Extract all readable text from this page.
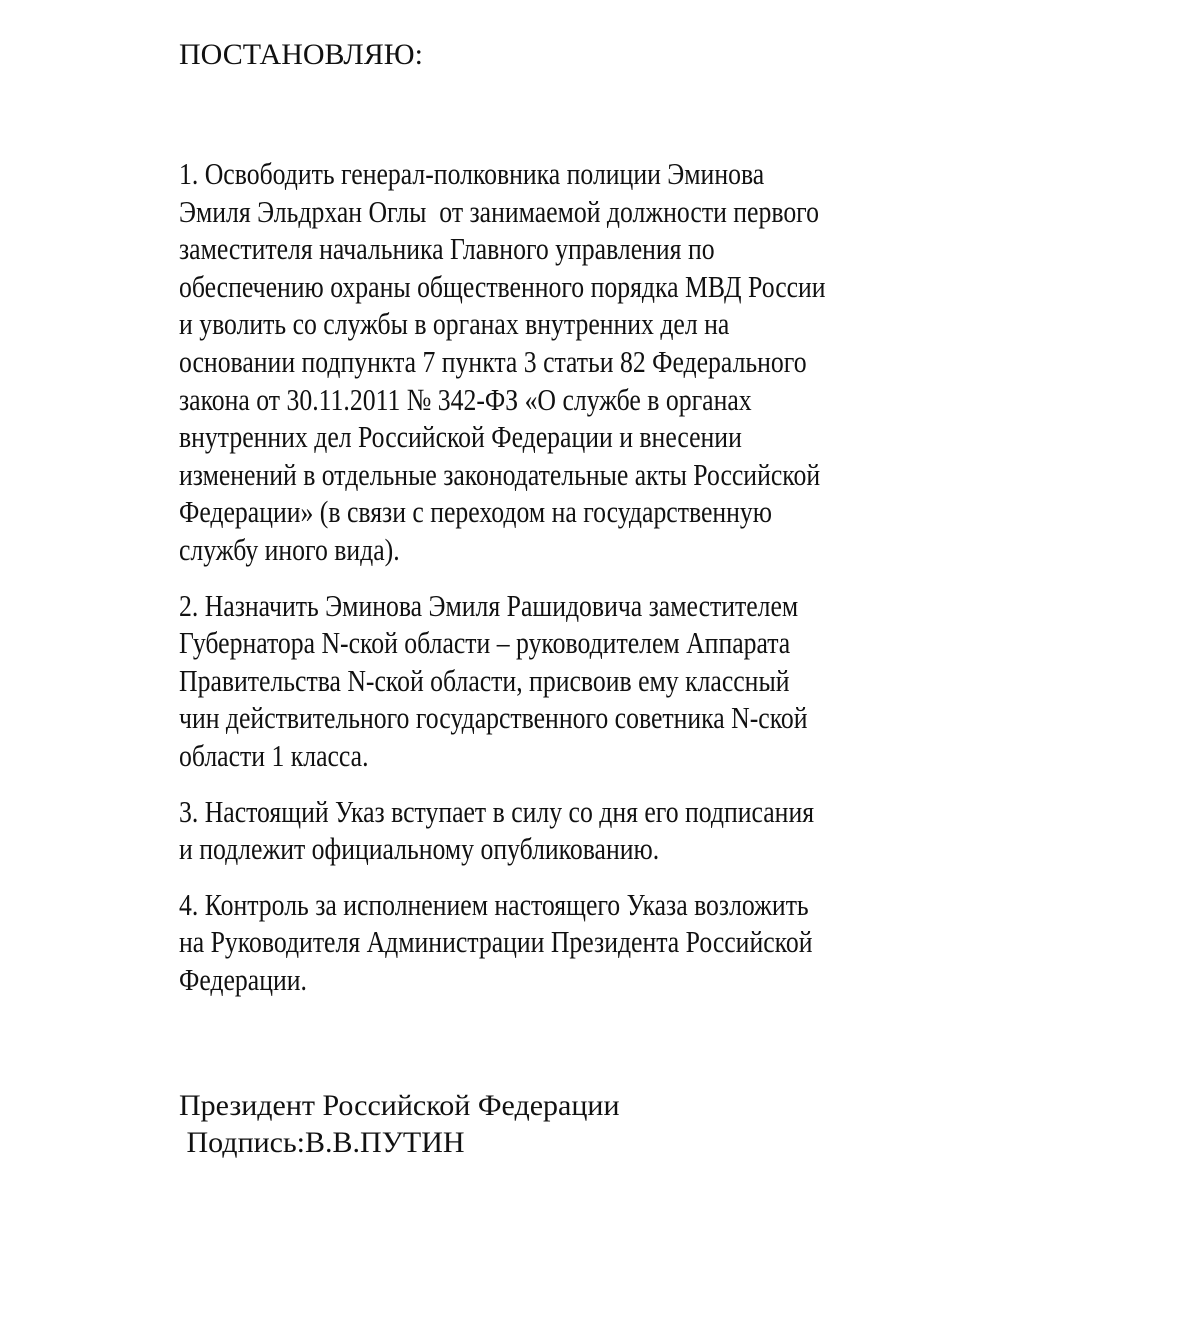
ПОСТАНОВЛЯЮ:
1. Освободить генерал-полковника полиции Эминова
Эмиля Эльдрхан Оглы  от занимаемой должности первого
заместителя начальника Главного управления по
обеспечению охраны общественного порядка МВД России
и уволить со службы в органах внутренних дел на
основании подпункта 7 пункта 3 статьи 82 Федерального
закона от 30.11.2011 № 342-ФЗ «О службе в органах
внутренних дел Российской Федерации и внесении
изменений в отдельные законодательные акты Российской
Федерации» (в связи с переходом на государственную
службу иного вида).
2. Назначить Эминова Эмиля Рашидовича заместителем
Губернатора N-ской области – руководителем Аппарата
Правительства N-ской области, присвоив ему классный
чин действительного государственного советника N-ской
области 1 класса.
3. Настоящий Указ вступает в силу со дня его подписания
и подлежит официальному опубликованию.
4. Контроль за исполнением настоящего Указа возложить
на Руководителя Администрации Президента Российской
Федерации.
Президент Российской Федерации
Подпись:В.В.ПУТИН
